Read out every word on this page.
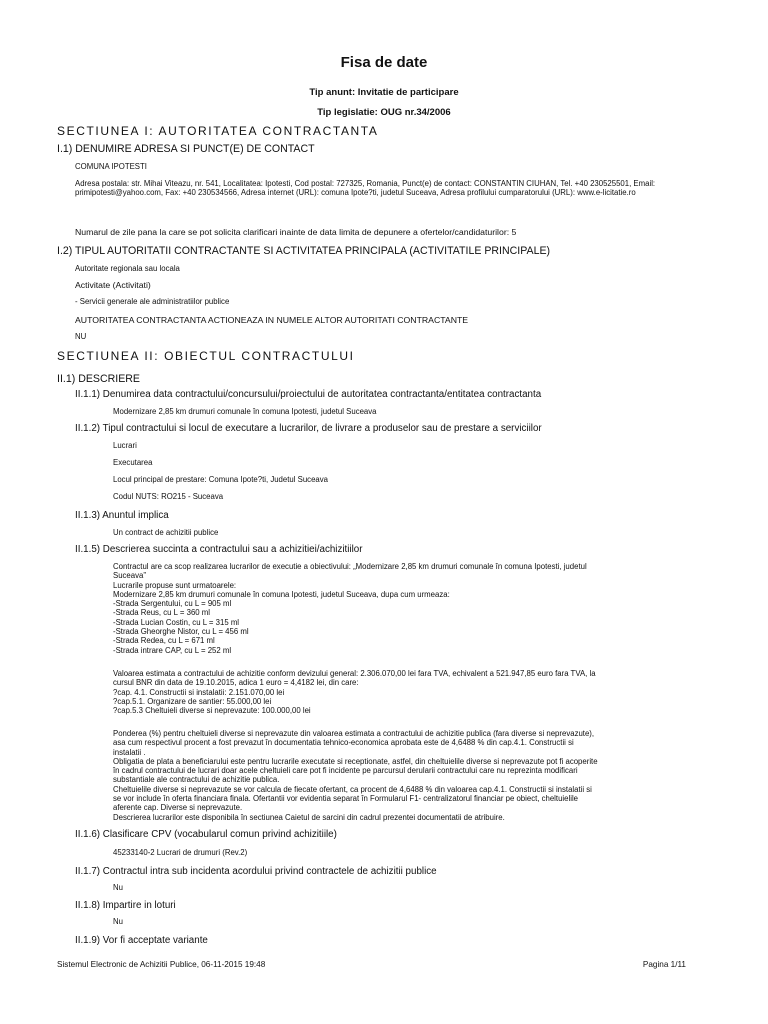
Fisa de date
Tip anunt: Invitatie de participare
Tip legislatie: OUG nr.34/2006
SECTIUNEA I: AUTORITATEA CONTRACTANTA
I.1) DENUMIRE ADRESA SI PUNCT(E) DE CONTACT
COMUNA IPOTESTI
Adresa postala: str. Mihai Viteazu, nr. 541, Localitatea: Ipotesti, Cod postal: 727325, Romania, Punct(e) de contact: CONSTANTIN CIUHAN, Tel. +40 230525501, Email: primipotesti@yahoo.com, Fax: +40 230534566, Adresa internet (URL): comuna Ipote?ti, judetul Suceava, Adresa profilului cumparatorului (URL): www.e-licitatie.ro
Numarul de zile pana la care se pot solicita clarificari inainte de data limita de depunere a ofertelor/candidaturilor: 5
I.2) TIPUL AUTORITATII CONTRACTANTE SI ACTIVITATEA PRINCIPALA (ACTIVITATILE PRINCIPALE)
Autoritate regionala sau locala
Activitate (Activitati)
- Servicii generale ale administratiilor publice
AUTORITATEA CONTRACTANTA ACTIONEAZA IN NUMELE ALTOR AUTORITATI CONTRACTANTE
NU
SECTIUNEA II: OBIECTUL CONTRACTULUI
II.1) DESCRIERE
II.1.1) Denumirea data contractului/concursului/proiectului de autoritatea contractanta/entitatea contractanta
Modernizare 2,85 km drumuri comunale în comuna Ipotesti, judetul Suceava
II.1.2) Tipul contractului si locul de executare a lucrarilor, de livrare a produselor sau de prestare a serviciilor
Lucrari
Executarea
Locul principal de prestare: Comuna Ipote?ti, Judetul Suceava
Codul NUTS: RO215 - Suceava
II.1.3) Anuntul implica
Un contract de achizitii publice
II.1.5) Descrierea succinta a contractului sau a achizitiei/achizitiilor
Contractul are ca scop realizarea lucrarilor de executie a obiectivului: „Modernizare 2,85 km drumuri comunale în comuna Ipotesti, judetul
Suceava”
Lucrarile propuse sunt urmatoarele:
Modernizare 2,85 km drumuri comunale în comuna Ipotesti, judetul Suceava, dupa cum urmeaza:
-Strada Sergentului, cu L = 905 ml
-Strada Reus, cu L = 360 ml
-Strada Lucian Costin, cu L = 315 ml
-Strada Gheorghe Nistor, cu L = 456 ml
-Strada Redea, cu L = 671 ml
-Strada intrare CAP, cu L = 252 ml
Valoarea estimata a contractului de achizitie conform devizului general: 2.306.070,00 lei fara TVA, echivalent a 521.947,85 euro fara TVA, la
cursul BNR din data de 19.10.2015, adica 1 euro = 4,4182 lei, din care:
?cap. 4.1. Constructii si instalatii: 2.151.070,00 lei
?cap.5.1. Organizare de santier: 55.000,00 lei
?cap.5.3 Cheltuieli diverse si neprevazute: 100.000,00 lei
Ponderea (%) pentru cheltuieli diverse si neprevazute din valoarea estimata a contractului de achizitie publica (fara diverse si neprevazute),
asa cum respectivul procent a fost prevazut în documentatia tehnico-economica aprobata este de 4,6488 % din cap.4.1. Constructii si
instalatii .
Obligatia de plata a beneficiarului este pentru lucrarile executate si receptionate, astfel, din cheltuielile diverse si neprevazute pot fi acoperite
în cadrul contractului de lucrari doar acele cheltuieli care pot fi incidente pe parcursul derularii contractului care nu reprezinta modificari
substantiale ale contractului de achizitie publica.
Cheltuielile diverse si neprevazute se vor calcula de fiecate ofertant, ca procent de 4,6488 % din valoarea cap.4.1. Constructii si instalatii si
se vor include în oferta financiara finala. Ofertantii vor evidentia separat în Formularul F1- centralizatorul financiar pe obiect, cheltuielile
aferente cap. Diverse si neprevazute.
Descrierea lucrarilor este disponibila în sectiunea Caietul de sarcini din cadrul prezentei documentatii de atribuire.
II.1.6) Clasificare CPV (vocabularul comun privind achizitiile)
45233140-2 Lucrari de drumuri (Rev.2)
II.1.7) Contractul intra sub incidenta acordului privind contractele de achizitii publice
Nu
II.1.8) Impartire in loturi
Nu
II.1.9) Vor fi acceptate variante
Sistemul Electronic de Achizitii Publice, 06-11-2015 19:48	Pagina 1/11
